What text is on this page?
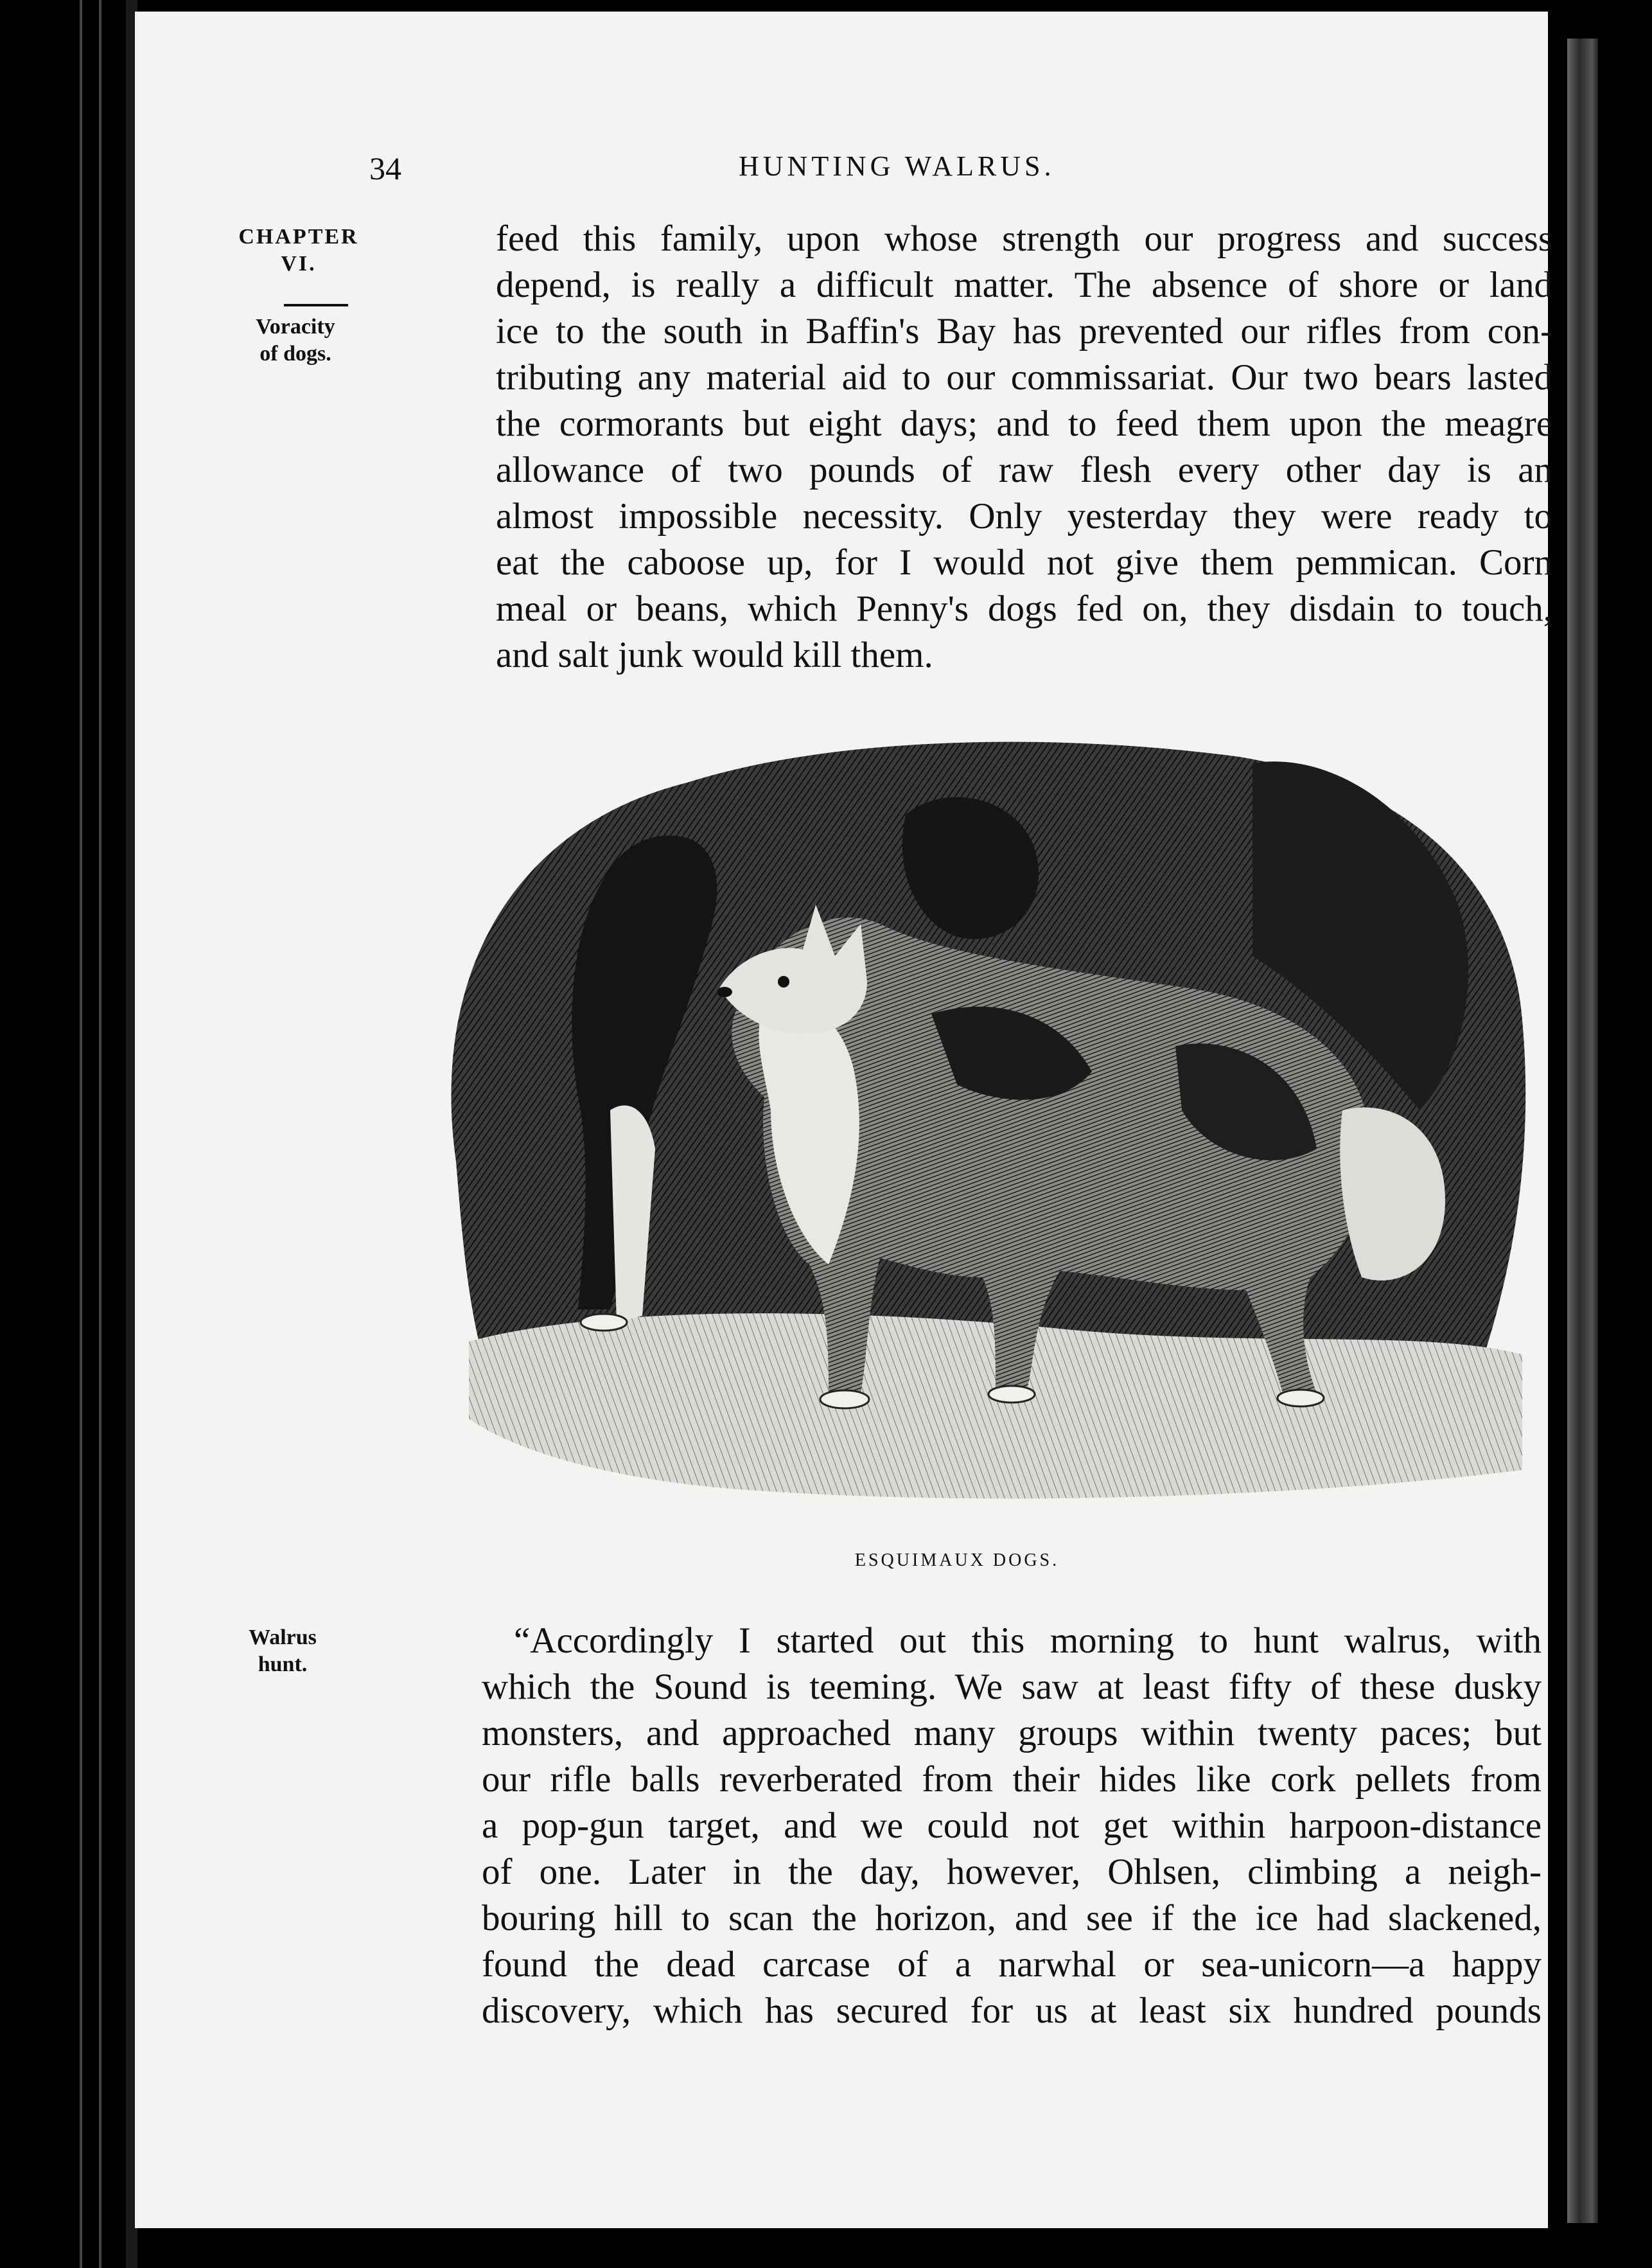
34	HUNTING WALRUS.
CHAPTER
VI.
Voracity
of dogs.
feed this family, upon whose strength our progress and success
depend, is really a difficult matter. The absence of shore or land
ice to the south in Baffin's Bay has prevented our rifles from con-
tributing any material aid to our commissariat. Our two bears lasted
the cormorants but eight days; and to feed them upon the meagre
allowance of two pounds of raw flesh every other day is an
almost impossible necessity. Only yesterday they were ready to
eat the caboose up, for I would not give them pemmican. Corn
meal or beans, which Penny's dogs fed on, they disdain to touch,
and salt junk would kill them.
ESQUIMAUX DOGS.
Walrus
hunt.
“Accordingly I started out this morning to hunt walrus, with
which the Sound is teeming. We saw at least fifty of these dusky
monsters, and approached many groups within twenty paces; but
our rifle balls reverberated from their hides like cork pellets from
a pop-gun target, and we could not get within harpoon-distance
of one. Later in the day, however, Ohlsen, climbing a neigh-
bouring hill to scan the horizon, and see if the ice had slackened,
found the dead carcase of a narwhal or sea-unicorn—a happy
discovery, which has secured for us at least six hundred pounds
